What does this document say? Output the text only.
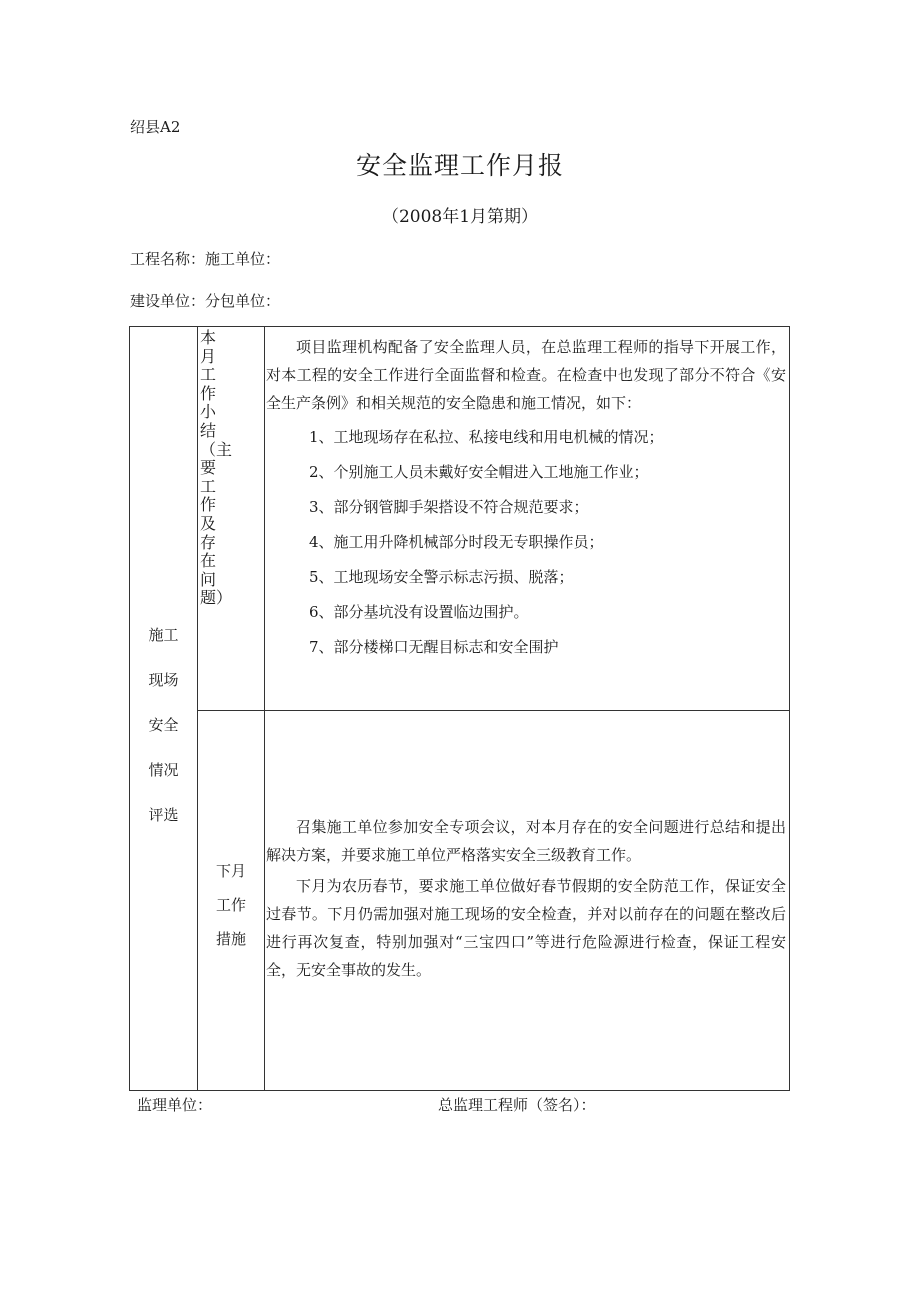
绍县A2
安全监理工作月报
（2008年1月第期）
工程名称：施工单位：
建设单位：分包单位：
施工
现场
安全
情况
评选
本月工作小结（主要工作及存在问题）

项目监理机构配备了安全监理人员，在总监理工程师的指导下开展工作，对本工程的安全工作进行全面监督和检查。在检查中也发现了部分不符合《安全生产条例》和相关规范的安全隐患和施工情况，如下：

1、工地现场存在私拉、私接电线和用电机械的情况；

2、个别施工人员未戴好安全帽进入工地施工作业；

3、部分钢管脚手架搭设不符合规范要求；

4、施工用升降机械部分时段无专职操作员；

5、工地现场安全警示标志污损、脱落；

6、部分基坑没有设置临边围护。

7、部分楼梯口无醒目标志和安全围护

下月
工作
措施

召集施工单位参加安全专项会议，对本月存在的安全问题进行总结和提出解决方案，并要求施工单位严格落实安全三级教育工作。

下月为农历春节，要求施工单位做好春节假期的安全防范工作，保证安全过春节。下月仍需加强对施工现场的安全检查，并对以前存在的问题在整改后进行再次复查，特别加强对“三宝四口”等进行危险源进行检查，保证工程安全，无安全事故的发生。

监理单位：	总监理工程师（签名）：
